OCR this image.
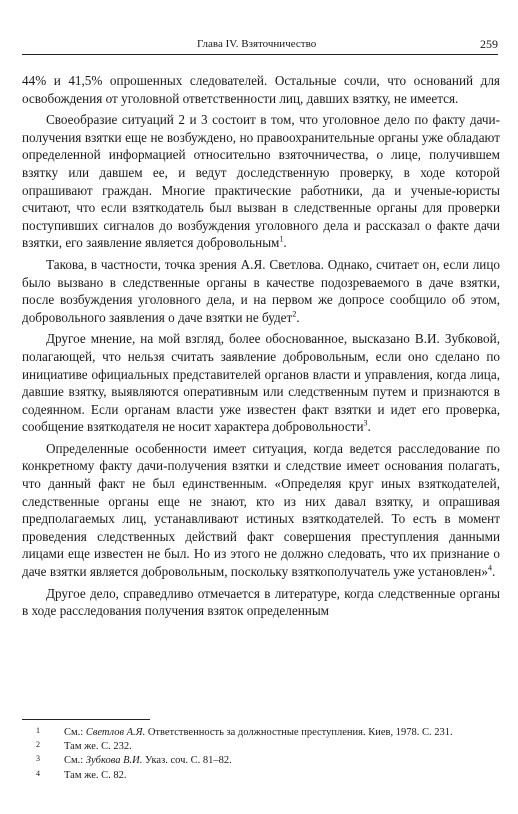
Глава IV. Взяточничество	259

44% и 41,5% опрошенных следователей. Остальные сочли, что оснований для освобождения от уголовной ответственности лиц, давших взятку, не имеется.

Своеобразие ситуаций 2 и 3 состоит в том, что уголовное дело по факту дачи-получения взятки еще не возбуждено, но правоохранительные органы уже обладают определенной информацией относительно взяточничества, о лице, получившем взятку или давшем ее, и ведут доследственную проверку, в ходе которой опрашивают граждан. Многие практические работники, да и ученые-юристы считают, что если взяткодатель был вызван в следственные органы для проверки поступивших сигналов до возбуждения уголовного дела и рассказал о факте дачи взятки, его заявление является добровольным$^1$.

Такова, в частности, точка зрения А.Я. Светлова. Однако, считает он, если лицо было вызвано в следственные органы в качестве подозреваемого в даче взятки, после возбуждения уголовного дела, и на первом же допросе сообщило об этом, добровольного заявления о даче взятки не будет$^2$.

Другое мнение, на мой взгляд, более обоснованное, высказано В.И. Зубковой, полагающей, что нельзя считать заявление добровольным, если оно сделано по инициативе официальных представителей органов власти и управления, когда лица, давшие взятку, выявляются оперативным или следственным путем и признаются в содеянном. Если органам власти уже известен факт взятки и идет его проверка, сообщение взяткодателя не носит характера добровольности$^3$.

Определенные особенности имеет ситуация, когда ведется расследование по конкретному факту дачи-получения взятки и следствие имеет основания полагать, что данный факт не был единственным. «Определяя круг иных взяткодателей, следственные органы еще не знают, кто из них давал взятку, и опрашивая предполагаемых лиц, устанавливают истиных взяткодателей. То есть в момент проведения следственных действий факт совершения преступления данными лицами еще известен не был. Но из этого не должно следовать, что их признание о даче взятки является добровольным, поскольку взяткополучатель уже установлен»$^4$.

Другое дело, справедливо отмечается в литературе, когда следственные органы в ходе расследования получения взяток определенным

1 См.: Светлов А.Я. Ответственность за должностные преступления. Киев, 1978. С. 231.
2 Там же. С. 232.
3 См.: Зубкова В.И. Указ. соч. С. 81–82.
4 Там же. С. 82.
